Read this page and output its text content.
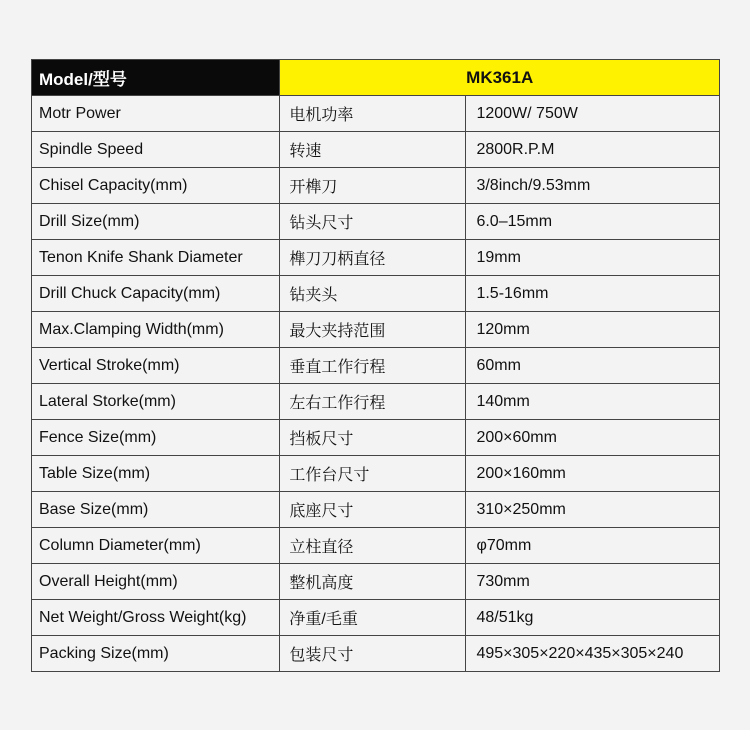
Model/型号	MK361A	
Motr Power	电机功率	1200W/ 750W
Spindle Speed	转速	2800R.P.M
Chisel Capacity(mm)	开榫刀	3/8inch/9.53mm
Drill Size(mm)	钻头尺寸	6.0–15mm
Tenon Knife Shank Diameter	榫刀刀柄直径	19mm
Drill Chuck Capacity(mm)	钻夹头	1.5-16mm
Max.Clamping Width(mm)	最大夹持范围	120mm
Vertical Stroke(mm)	垂直工作行程	60mm
Lateral Storke(mm)	左右工作行程	140mm
Fence Size(mm)	挡板尺寸	200×60mm
Table Size(mm)	工作台尺寸	200×160mm
Base Size(mm)	底座尺寸	310×250mm
Column Diameter(mm)	立柱直径	φ70mm
Overall Height(mm)	整机高度	730mm
Net Weight/Gross Weight(kg)	净重/毛重	48/51kg
Packing Size(mm)	包装尺寸	495×305×220×435×305×240
